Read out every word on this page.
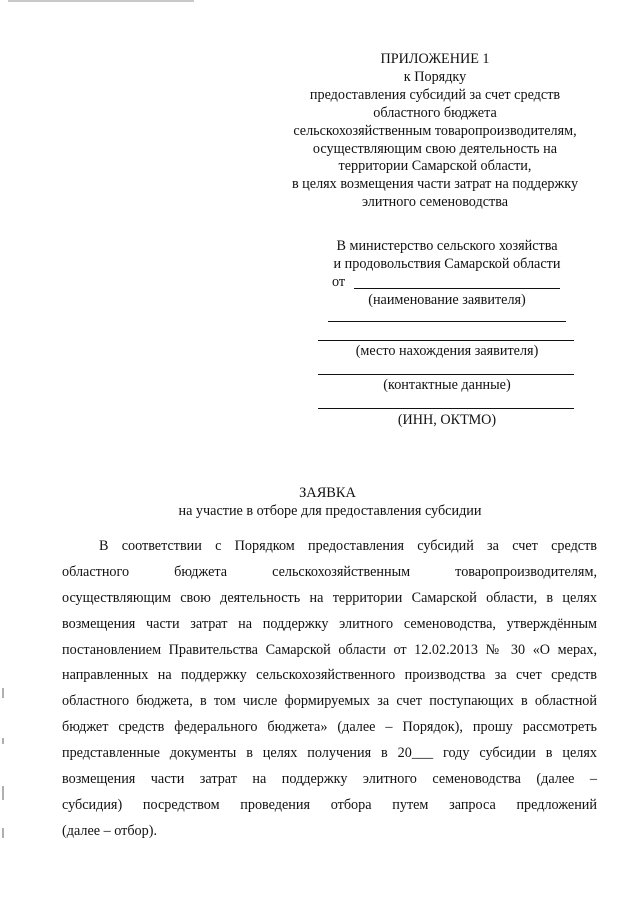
ПРИЛОЖЕНИЕ 1
к Порядку
предоставления субсидий за счет средств
областного бюджета
сельскохозяйственным товаропроизводителям,
осуществляющим свою деятельность на
территории Самарской области,
в целях возмещения части затрат на поддержку
элитного семеноводства
В министерство сельского хозяйства
и продовольствия Самарской области
от
(наименование заявителя)
(место нахождения заявителя)
(контактные данные)
(ИНН, ОКТМО)
ЗАЯВКА
на участие в отборе для предоставления субсидии
В соответствии с Порядком предоставления субсидий за счет средств
областного бюджета сельскохозяйственным товаропроизводителям,
осуществляющим свою деятельность на территории Самарской области, в целях
возмещения части затрат на поддержку элитного семеноводства, утверждённым
постановлением Правительства Самарской области от 12.02.2013 № 30 «О мерах,
направленных на поддержку сельскохозяйственного производства за счет средств
областного бюджета, в том числе формируемых за счет поступающих в областной
бюджет средств федерального бюджета» (далее – Порядок), прошу рассмотреть
представленные документы в целях получения в 20___ году субсидии в целях
возмещения части затрат на поддержку элитного семеноводства (далее –
субсидия) посредством проведения отбора путем запроса предложений
(далее – отбор).
